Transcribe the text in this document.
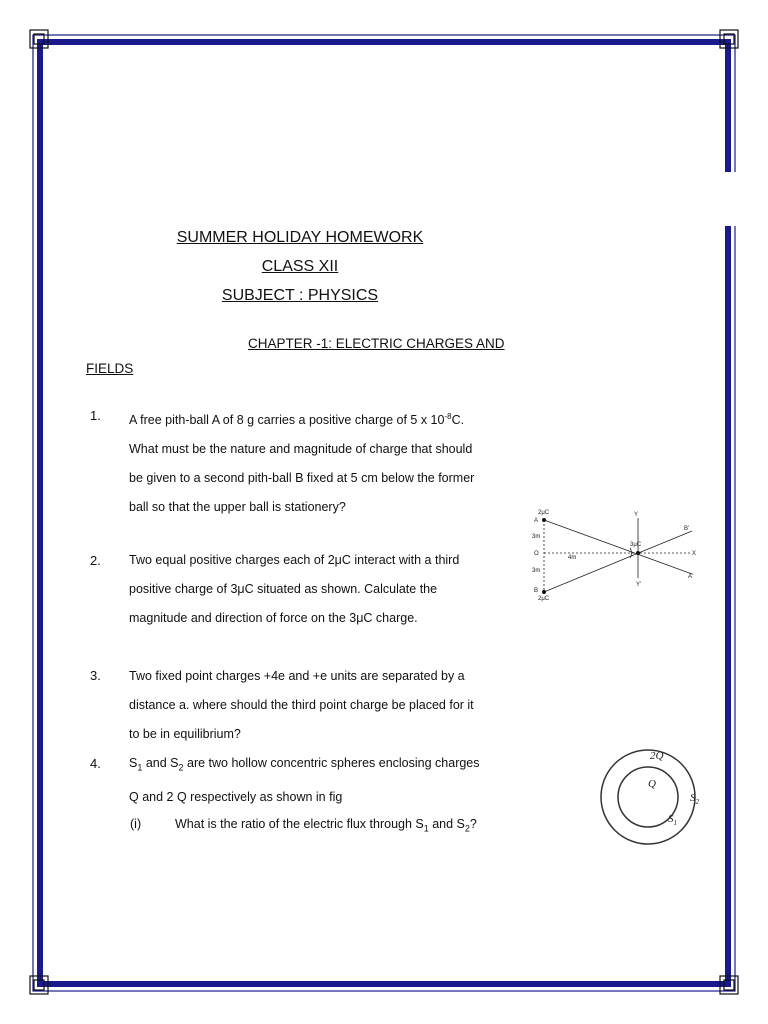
SUMMER HOLIDAY HOMEWORK
CLASS XII
SUBJECT : PHYSICS
CHAPTER -1: ELECTRIC CHARGES AND
FIELDS
1. A free pith-ball A of 8 g carries a positive charge of 5 x $10^{-8}C$.
What must be the nature and magnitude of charge that should
be given to a second pith-ball B fixed at 5 cm below the former
ball so that the upper ball is stationery?
2. Two equal positive charges each of 2μC interact with a third
positive charge of 3μC situated as shown. Calculate the
magnitude and direction of force on the 3μC charge.
3. Two fixed point charges +4e and +e units are separated by a
distance a. where should the third point charge be placed for it
to be in equilibrium?
4. $S_1$ and $S_2$ are two hollow concentric spheres enclosing charges
Q and 2 Q respectively as shown in fig
(i)	What is the ratio of the electric flux through $S_1$ and $S_2$?
2μC
A
3m
O
4m
3m
B
2μC
3μC
Y
Y'
X
B'
A'
2Q
Q
$S_1$
$S_2$
